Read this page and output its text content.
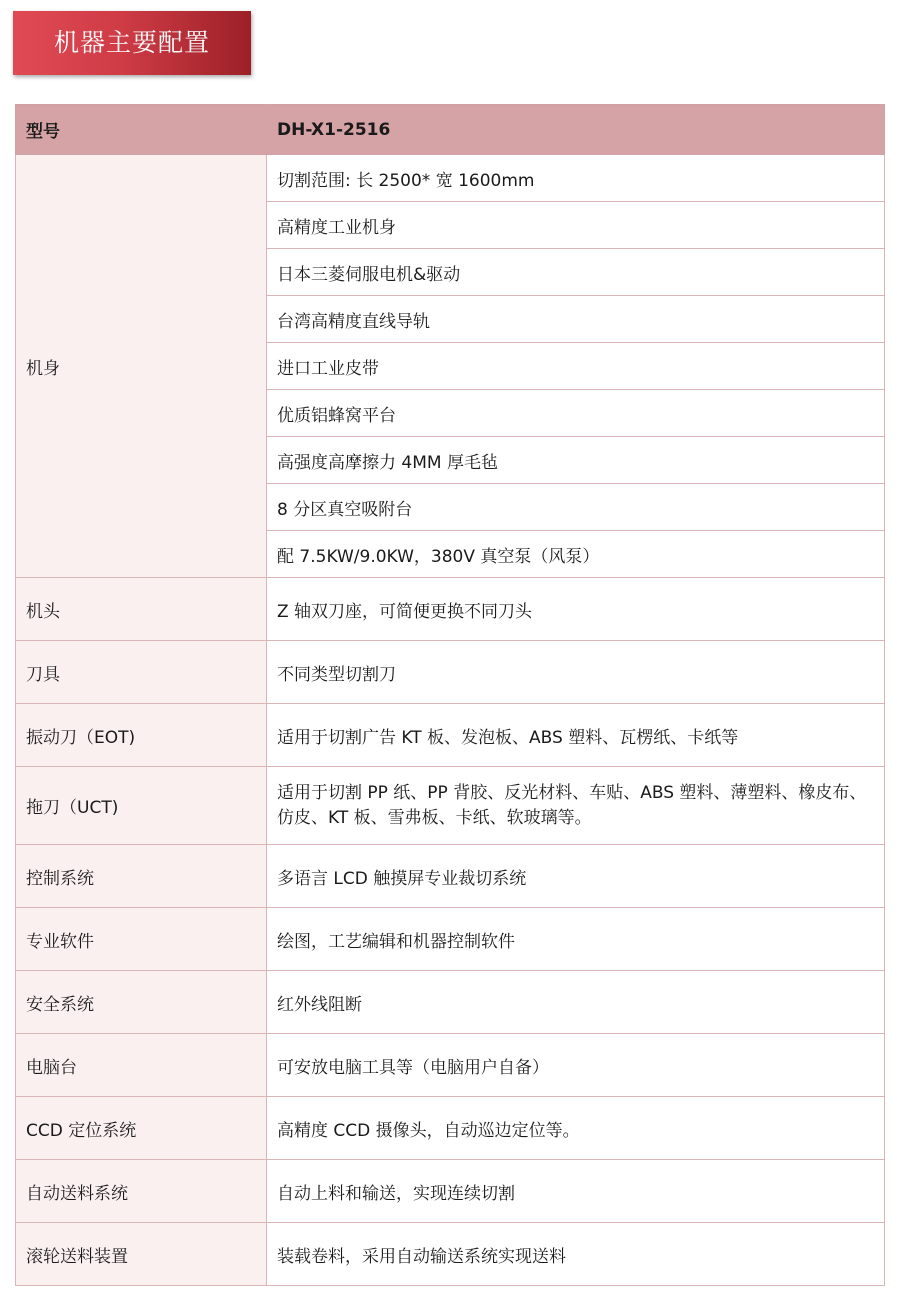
机器主要配置
型号	DH-X1-2516
机身	切割范围: 长 2500* 宽 1600mm
	高精度工业机身
	日本三菱伺服电机&驱动
	台湾高精度直线导轨
	进口工业皮带
	优质铝蜂窝平台
	高强度高摩擦力 4MM 厚毛毡
	8 分区真空吸附台
	配 7.5KW/9.0KW，380V 真空泵（风泵）
机头	Z 轴双刀座，可简便更换不同刀头
刀具	不同类型切割刀
振动刀（EOT)	适用于切割广告 KT 板、发泡板、ABS 塑料、瓦楞纸、卡纸等
拖刀（UCT)	适用于切割 PP 纸、PP 背胶、反光材料、车贴、ABS 塑料、薄塑料、橡皮布、仿皮、KT 板、雪弗板、卡纸、软玻璃等。
控制系统	多语言 LCD 触摸屏专业裁切系统
专业软件	绘图，工艺编辑和机器控制软件
安全系统	红外线阻断
电脑台	可安放电脑工具等（电脑用户自备）
CCD 定位系统	高精度 CCD 摄像头，自动巡边定位等。
自动送料系统	自动上料和输送，实现连续切割
滚轮送料装置	装载卷料，采用自动输送系统实现送料
